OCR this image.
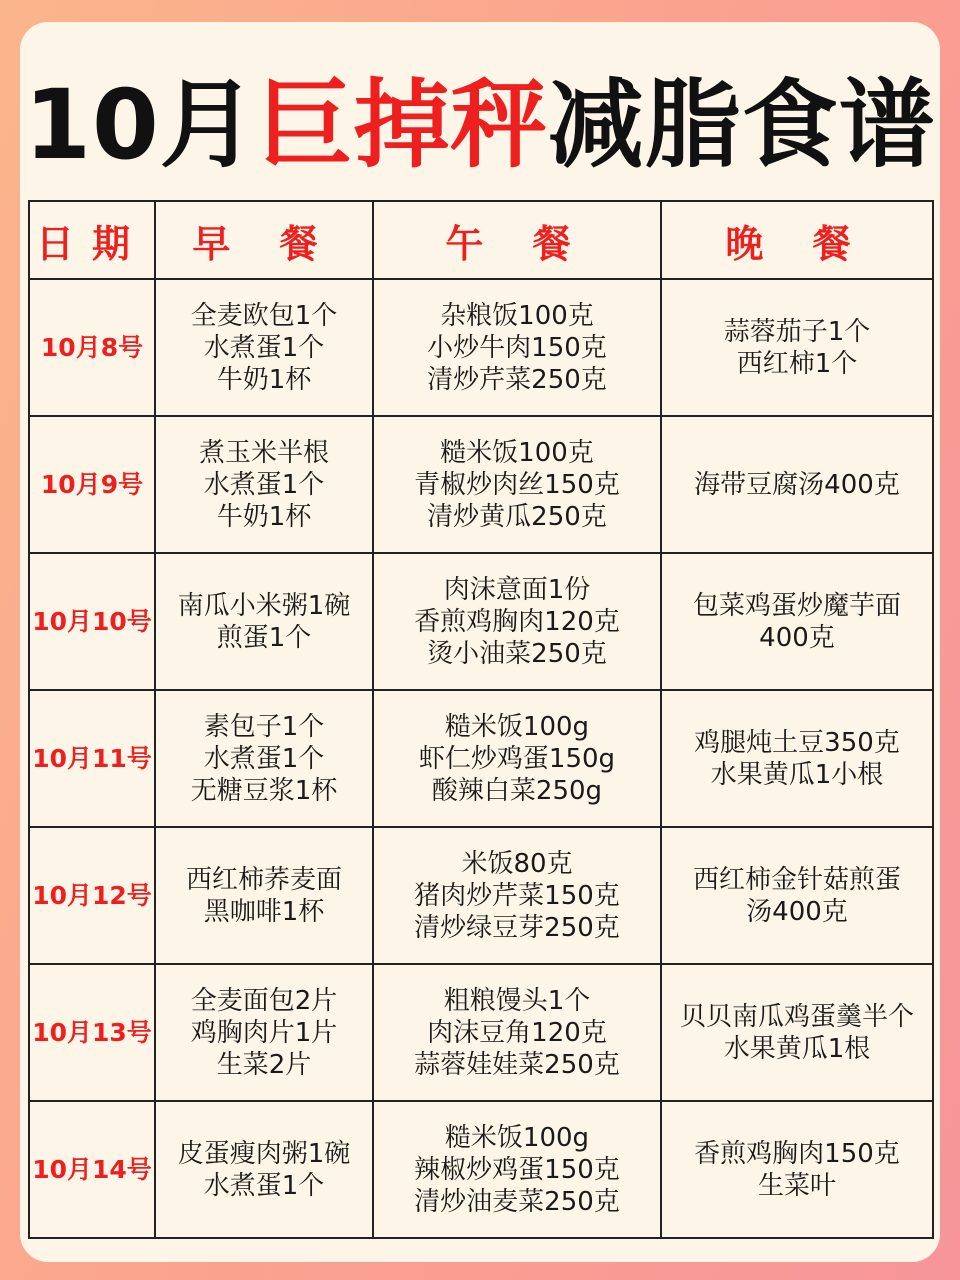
10月巨掉秤减脂食谱
日期	早 餐	午 餐	晚 餐
10月8号	全麦欧包1个
水煮蛋1个
牛奶1杯	杂粮饭100克
小炒牛肉150克
清炒芹菜250克	蒜蓉茄子1个
西红柿1个

10月9号	煮玉米半根
水煮蛋1个
牛奶1杯	糙米饭100克
青椒炒肉丝150克
清炒黄瓜250克	海带豆腐汤400克

10月10号	南瓜小米粥1碗
煎蛋1个	肉沫意面1份
香煎鸡胸肉120克
烫小油菜250克	包菜鸡蛋炒魔芋面
400克

10月11号	素包子1个
水煮蛋1个
无糖豆浆1杯	糙米饭100g
虾仁炒鸡蛋150g
酸辣白菜250g	鸡腿炖土豆350克
水果黄瓜1小根

10月12号	西红柿荞麦面
黑咖啡1杯	米饭80克
猪肉炒芹菜150克
清炒绿豆芽250克	西红柿金针菇煎蛋
汤400克

10月13号	全麦面包2片
鸡胸肉片1片
生菜2片	粗粮馒头1个
肉沫豆角120克
蒜蓉娃娃菜250克	贝贝南瓜鸡蛋羹半个
水果黄瓜1根

10月14号	皮蛋瘦肉粥1碗
水煮蛋1个	糙米饭100g
辣椒炒鸡蛋150克
清炒油麦菜250克	香煎鸡胸肉150克
生菜叶
